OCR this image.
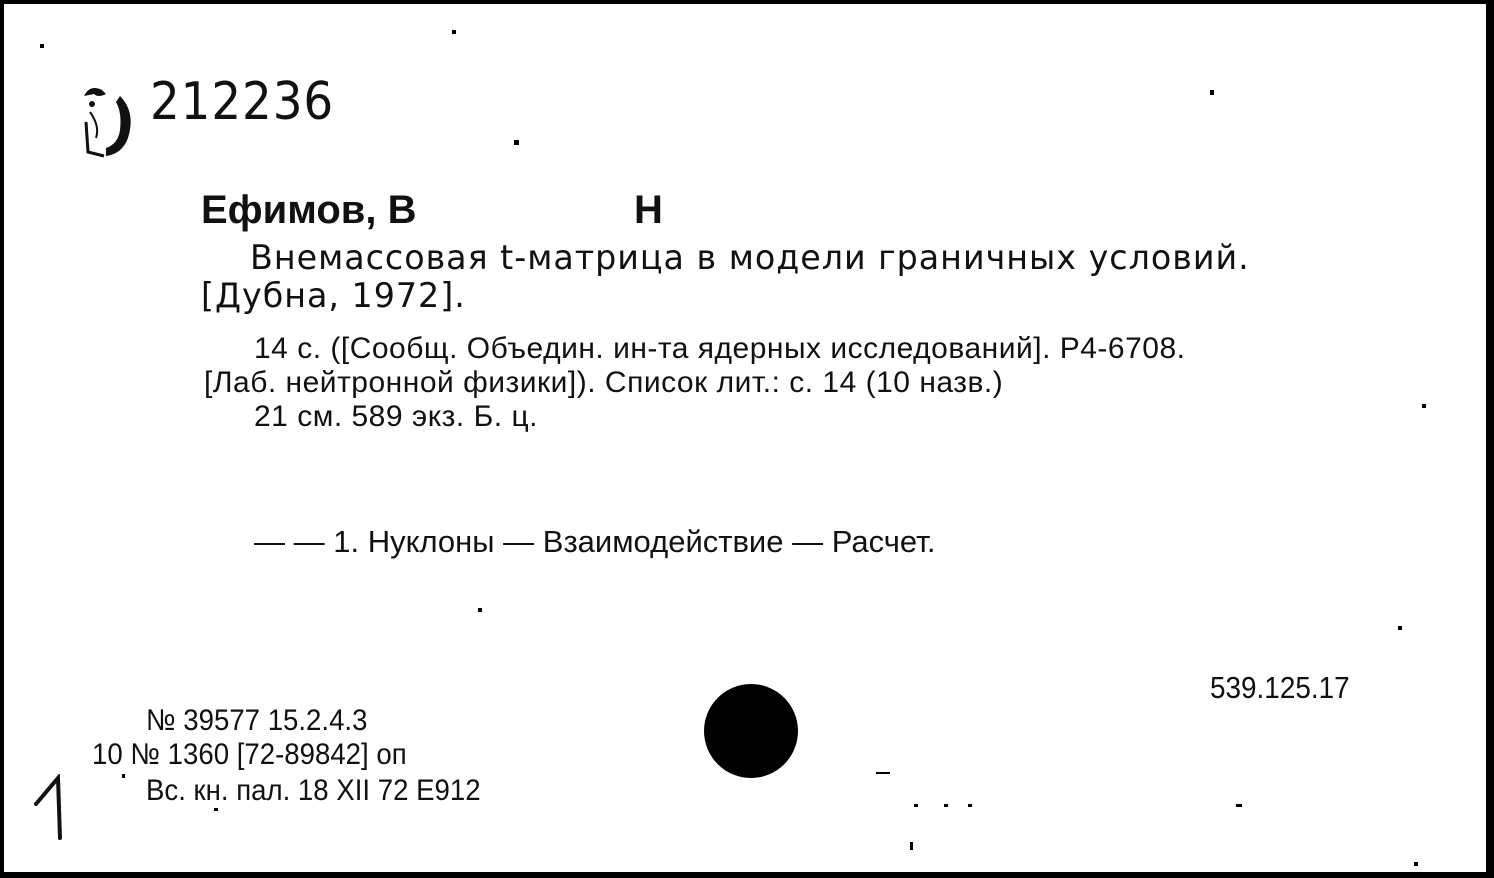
212236
Ефимов, В	Н
Внемассовая t-матрица в модели граничных условий.
[Дубна, 1972].
14 с. ([Сообщ. Объедин. ин-та ядерных исследований]. Р4-6708.
[Лаб. нейтронной физики]). Список лит.: с. 14 (10 назв.)
21 см. 589 экз. Б. ц.
— — 1. Нуклоны — Взаимодействие — Расчет.
539.125.17
№ 39577 15.2.4.3
10 № 1360 [72-89842] оп
Вс. кн. пал. 18 XII 72 Е912
